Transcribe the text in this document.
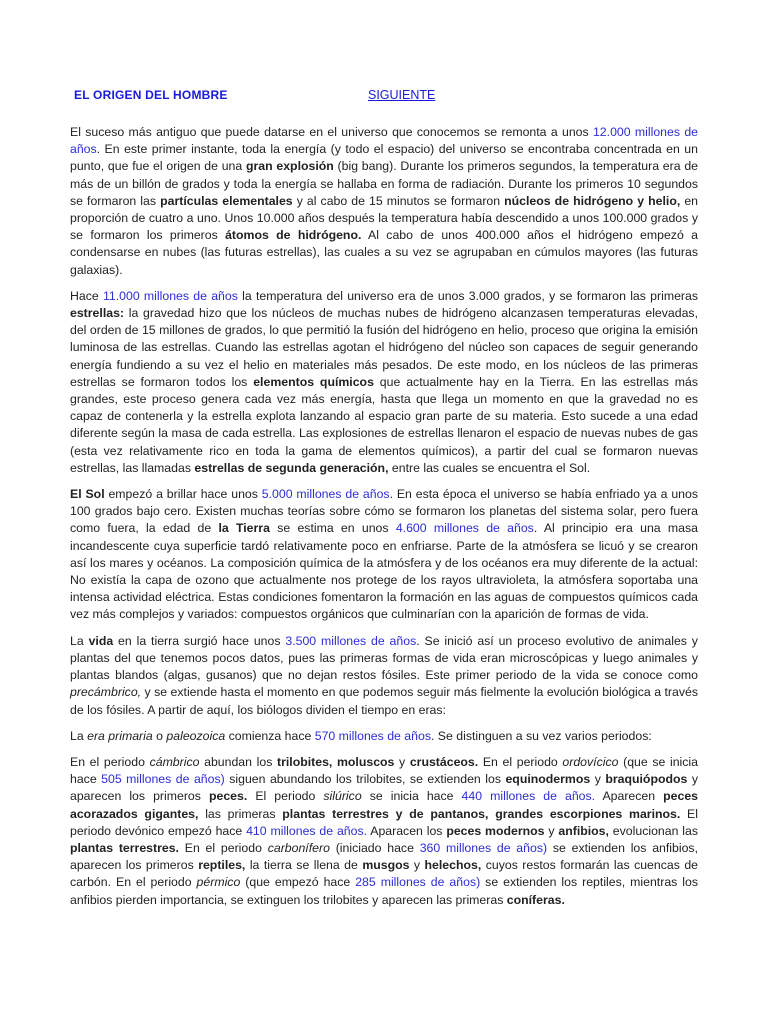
EL ORIGEN DEL HOMBRE	SIGUIENTE

El suceso más antiguo que puede datarse en el universo que conocemos se remonta a unos 12.000 millones de años. En este primer instante, toda la energía (y todo el espacio) del universo se encontraba concentrada en un punto, que fue el origen de una gran explosión (big bang). Durante los primeros segundos, la temperatura era de más de un billón de grados y toda la energía se hallaba en forma de radiación. Durante los primeros 10 segundos se formaron las partículas elementales y al cabo de 15 minutos se formaron núcleos de hidrógeno y helio, en proporción de cuatro a uno. Unos 10.000 años después la temperatura había descendido a unos 100.000 grados y se formaron los primeros átomos de hidrógeno. Al cabo de unos 400.000 años el hidrógeno empezó a condensarse en nubes (las futuras estrellas), las cuales a su vez se agrupaban en cúmulos mayores (las futuras galaxias).

Hace 11.000 millones de años la temperatura del universo era de unos 3.000 grados, y se formaron las primeras estrellas: la gravedad hizo que los núcleos de muchas nubes de hidrógeno alcanzasen temperaturas elevadas, del orden de 15 millones de grados, lo que permitió la fusión del hidrógeno en helio, proceso que origina la emisión luminosa de las estrellas. Cuando las estrellas agotan el hidrógeno del núcleo son capaces de seguir generando energía fundiendo a su vez el helio en materiales más pesados. De este modo, en los núcleos de las primeras estrellas se formaron todos los elementos químicos que actualmente hay en la Tierra. En las estrellas más grandes, este proceso genera cada vez más energía, hasta que llega un momento en que la gravedad no es capaz de contenerla y la estrella explota lanzando al espacio gran parte de su materia. Esto sucede a una edad diferente según la masa de cada estrella. Las explosiones de estrellas llenaron el espacio de nuevas nubes de gas (esta vez relativamente rico en toda la gama de elementos químicos), a partir del cual se formaron nuevas estrellas, las llamadas estrellas de segunda generación, entre las cuales se encuentra el Sol.

El Sol empezó a brillar hace unos 5.000 millones de años. En esta época el universo se había enfriado ya a unos 100 grados bajo cero. Existen muchas teorías sobre cómo se formaron los planetas del sistema solar, pero fuera como fuera, la edad de la Tierra se estima en unos 4.600 millones de años. Al principio era una masa incandescente cuya superficie tardó relativamente poco en enfriarse. Parte de la atmósfera se licuó y se crearon así los mares y océanos. La composición química de la atmósfera y de los océanos era muy diferente de la actual: No existía la capa de ozono que actualmente nos protege de los rayos ultravioleta, la atmósfera soportaba una intensa actividad eléctrica. Estas condiciones fomentaron la formación en las aguas de compuestos químicos cada vez más complejos y variados: compuestos orgánicos que culminarían con la aparición de formas de vida.

La vida en la tierra surgió hace unos 3.500 millones de años. Se inició así un proceso evolutivo de animales y plantas del que tenemos pocos datos, pues las primeras formas de vida eran microscópicas y luego animales y plantas blandos (algas, gusanos) que no dejan restos fósiles. Este primer periodo de la vida se conoce como precámbrico, y se extiende hasta el momento en que podemos seguir más fielmente la evolución biológica a través de los fósiles. A partir de aquí, los biólogos dividen el tiempo en eras:

La era primaria o paleozoica comienza hace 570 millones de años. Se distinguen a su vez varios periodos:

En el periodo cámbrico abundan los trilobites, moluscos y crustáceos. En el periodo ordovícico (que se inicia hace 505 millones de años) siguen abundando los trilobites, se extienden los equinodermos y braquiópodos y aparecen los primeros peces. El periodo silúrico se inicia hace 440 millones de años. Aparecen peces acorazados gigantes, las primeras plantas terrestres y de pantanos, grandes escorpiones marinos. El periodo devónico empezó hace 410 millones de años. Aparacen los peces modernos y anfibios, evolucionan las plantas terrestres. En el periodo carbonífero (iniciado hace 360 millones de años) se extienden los anfibios, aparecen los primeros reptiles, la tierra se llena de musgos y helechos, cuyos restos formarán las cuencas de carbón. En el periodo pérmico (que empezó hace 285 millones de años) se extienden los reptiles, mientras los anfibios pierden importancia, se extinguen los trilobites y aparecen las primeras coníferas.
